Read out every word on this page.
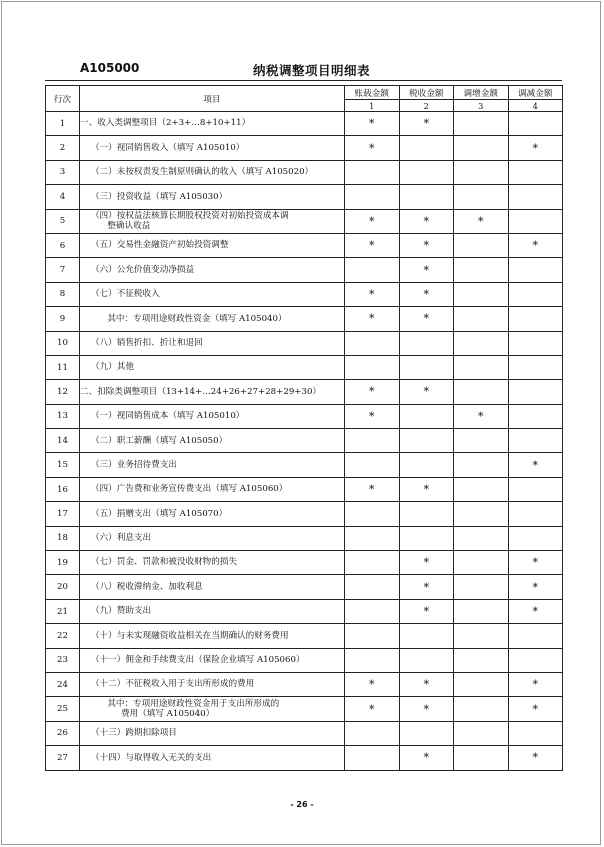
A105000	纳税调整项目明细表
行次	项目	账载金额	税收金额	调增金额	调减金额
		1	2	3	4
1	一、收入类调整项目（2+3+…8+10+11）	*	*		
2	（一）视同销售收入（填写 A105010）	*			*
3	（二）未按权责发生制原则确认的收入（填写 A105020）				
4	（三）投资收益（填写 A105030）				
5	（四）按权益法核算长期股权投资对初始投资成本调
整确认收益	*	*	*	
6	（五）交易性金融资产初始投资调整	*	*		*
7	（六）公允价值变动净损益		*		
8	（七）不征税收入	*	*		
9	其中：专项用途财政性资金（填写 A105040）	*	*		
10	（八）销售折扣、折让和退回				
11	（九）其他				
12	二、扣除类调整项目（13+14+…24+26+27+28+29+30）	*	*		
13	（一）视同销售成本（填写 A105010）	*		*	
14	（二）职工薪酬（填写 A105050）				
15	（三）业务招待费支出				*
16	（四）广告费和业务宣传费支出（填写 A105060）	*	*		
17	（五）捐赠支出（填写 A105070）				
18	（六）利息支出				
19	（七）罚金、罚款和被没收财物的损失		*		*
20	（八）税收滞纳金、加收利息		*		*
21	（九）赞助支出		*		*
22	（十）与未实现融资收益相关在当期确认的财务费用				
23	（十一）佣金和手续费支出（保险企业填写 A105060）				
24	（十二）不征税收入用于支出所形成的费用	*	*		*
25	其中：专项用途财政性资金用于支出所形成的
费用（填写 A105040）	*	*		*
26	（十三）跨期扣除项目				
27	（十四）与取得收入无关的支出		*		*
- 26 -
